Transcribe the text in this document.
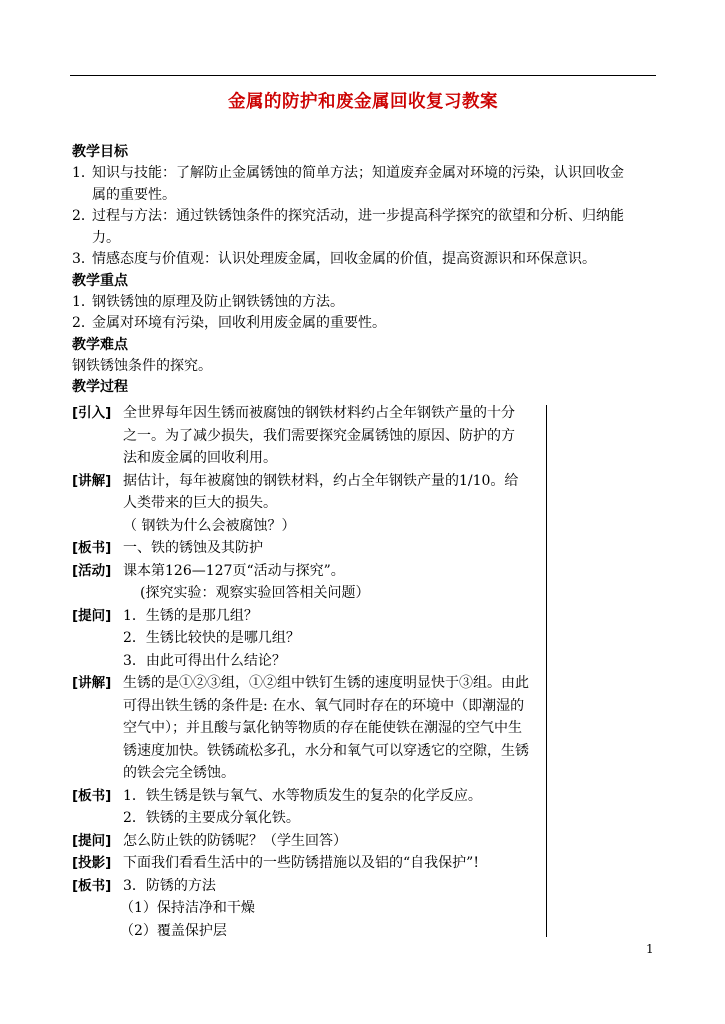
金属的防护和废金属回收复习教案
教学目标
1．知识与技能：了解防止金属锈蚀的简单方法；知道废弃金属对环境的污染，认识回收金
属的重要性。
2．过程与方法：通过铁锈蚀条件的探究活动，进一步提高科学探究的欲望和分析、归纳能
力。
3．情感态度与价值观：认识处理废金属，回收金属的价值，提高资源识和环保意识。
教学重点
1．钢铁锈蚀的原理及防止钢铁锈蚀的方法。
2．金属对环境有污染，回收利用废金属的重要性。
教学难点
钢铁锈蚀条件的探究。
教学过程
[引入] 全世界每年因生锈而被腐蚀的钢铁材料约占全年钢铁产量的十分
之一。为了减少损失，我们需要探究金属锈蚀的原因、防护的方
法和废金属的回收利用。
[讲解] 据估计，每年被腐蚀的钢铁材料，约占全年钢铁产量的1/10。给
人类带来的巨大的损失。
（ 钢铁为什么会被腐蚀？）
[板书] 一、铁的锈蚀及其防护
[活动] 课本第126—127页“活动与探究”。
(探究实验：观察实验回答相关问题）
[提问] 1．生锈的是那几组？
2．生锈比较快的是哪几组？
3．由此可得出什么结论？
[讲解] 生锈的是①②③组，①②组中铁钉生锈的速度明显快于③组。由此
可得出铁生锈的条件是: 在水、氧气同时存在的环境中（即潮湿的
空气中）；并且酸与氯化钠等物质的存在能使铁在潮湿的空气中生
锈速度加快。铁锈疏松多孔，水分和氧气可以穿透它的空隙，生锈
的铁会完全锈蚀。
[板书] 1．铁生锈是铁与氧气、水等物质发生的复杂的化学反应。
2．铁锈的主要成分氧化铁。
[提问] 怎么防止铁的防锈呢？（学生回答）
[投影] 下面我们看看生活中的一些防锈措施以及铝的“自我保护”!
[板书] 3．防锈的方法
（1）保持洁净和干燥
（2）覆盖保护层
1
